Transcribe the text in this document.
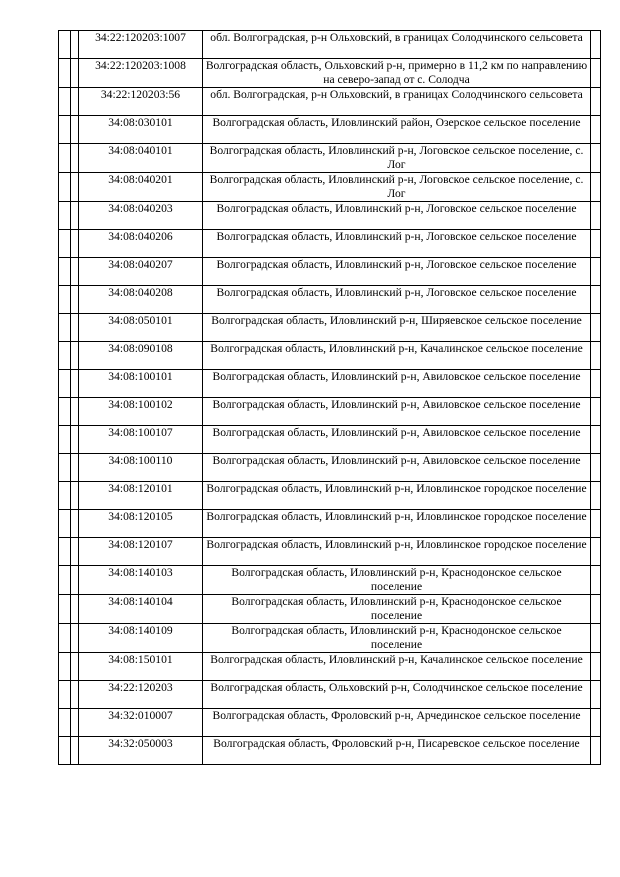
		34:22:120203:1007	обл. Волгоградская, р-н Ольховский, в границах Солодчинского сельсовета	
		34:22:120203:1008	Волгоградская область, Ольховский р-н, примерно в 11,2 км по направлению на северо-запад от с. Солодча	
		34:22:120203:56	обл. Волгоградская, р-н Ольховский, в границах Солодчинского сельсовета	
		34:08:030101	Волгоградская область, Иловлинский район, Озерское сельское поселение	
		34:08:040101	Волгоградская область, Иловлинский р-н, Логовское сельское поселение, с. Лог	
		34:08:040201	Волгоградская область, Иловлинский р-н, Логовское сельское поселение, с. Лог	
		34:08:040203	Волгоградская область, Иловлинский р-н, Логовское сельское поселение	
		34:08:040206	Волгоградская область, Иловлинский р-н, Логовское сельское поселение	
		34:08:040207	Волгоградская область, Иловлинский р-н, Логовское сельское поселение	
		34:08:040208	Волгоградская область, Иловлинский р-н, Логовское сельское поселение	
		34:08:050101	Волгоградская область, Иловлинский р-н, Ширяевское сельское поселение	
		34:08:090108	Волгоградская область, Иловлинский р-н, Качалинское сельское поселение	
		34:08:100101	Волгоградская область, Иловлинский р-н, Авиловское сельское поселение	
		34:08:100102	Волгоградская область, Иловлинский р-н, Авиловское сельское поселение	
		34:08:100107	Волгоградская область, Иловлинский р-н, Авиловское сельское поселение	
		34:08:100110	Волгоградская область, Иловлинский р-н, Авиловское сельское поселение	
		34:08:120101	Волгоградская область, Иловлинский р-н, Иловлинское городское поселение	
		34:08:120105	Волгоградская область, Иловлинский р-н, Иловлинское городское поселение	
		34:08:120107	Волгоградская область, Иловлинский р-н, Иловлинское городское поселение	
		34:08:140103	Волгоградская область, Иловлинский р-н, Краснодонское сельское поселение	
		34:08:140104	Волгоградская область, Иловлинский р-н, Краснодонское сельское поселение	
		34:08:140109	Волгоградская область, Иловлинский р-н, Краснодонское сельское поселение	
		34:08:150101	Волгоградская область, Иловлинский р-н, Качалинское сельское поселение	
		34:22:120203	Волгоградская область, Ольховский р-н, Солодчинское сельское поселение	
		34:32:010007	Волгоградская область, Фроловский р-н, Арчединское сельское поселение	
		34:32:050003	Волгоградская область, Фроловский р-н, Писаревское сельское поселение	
